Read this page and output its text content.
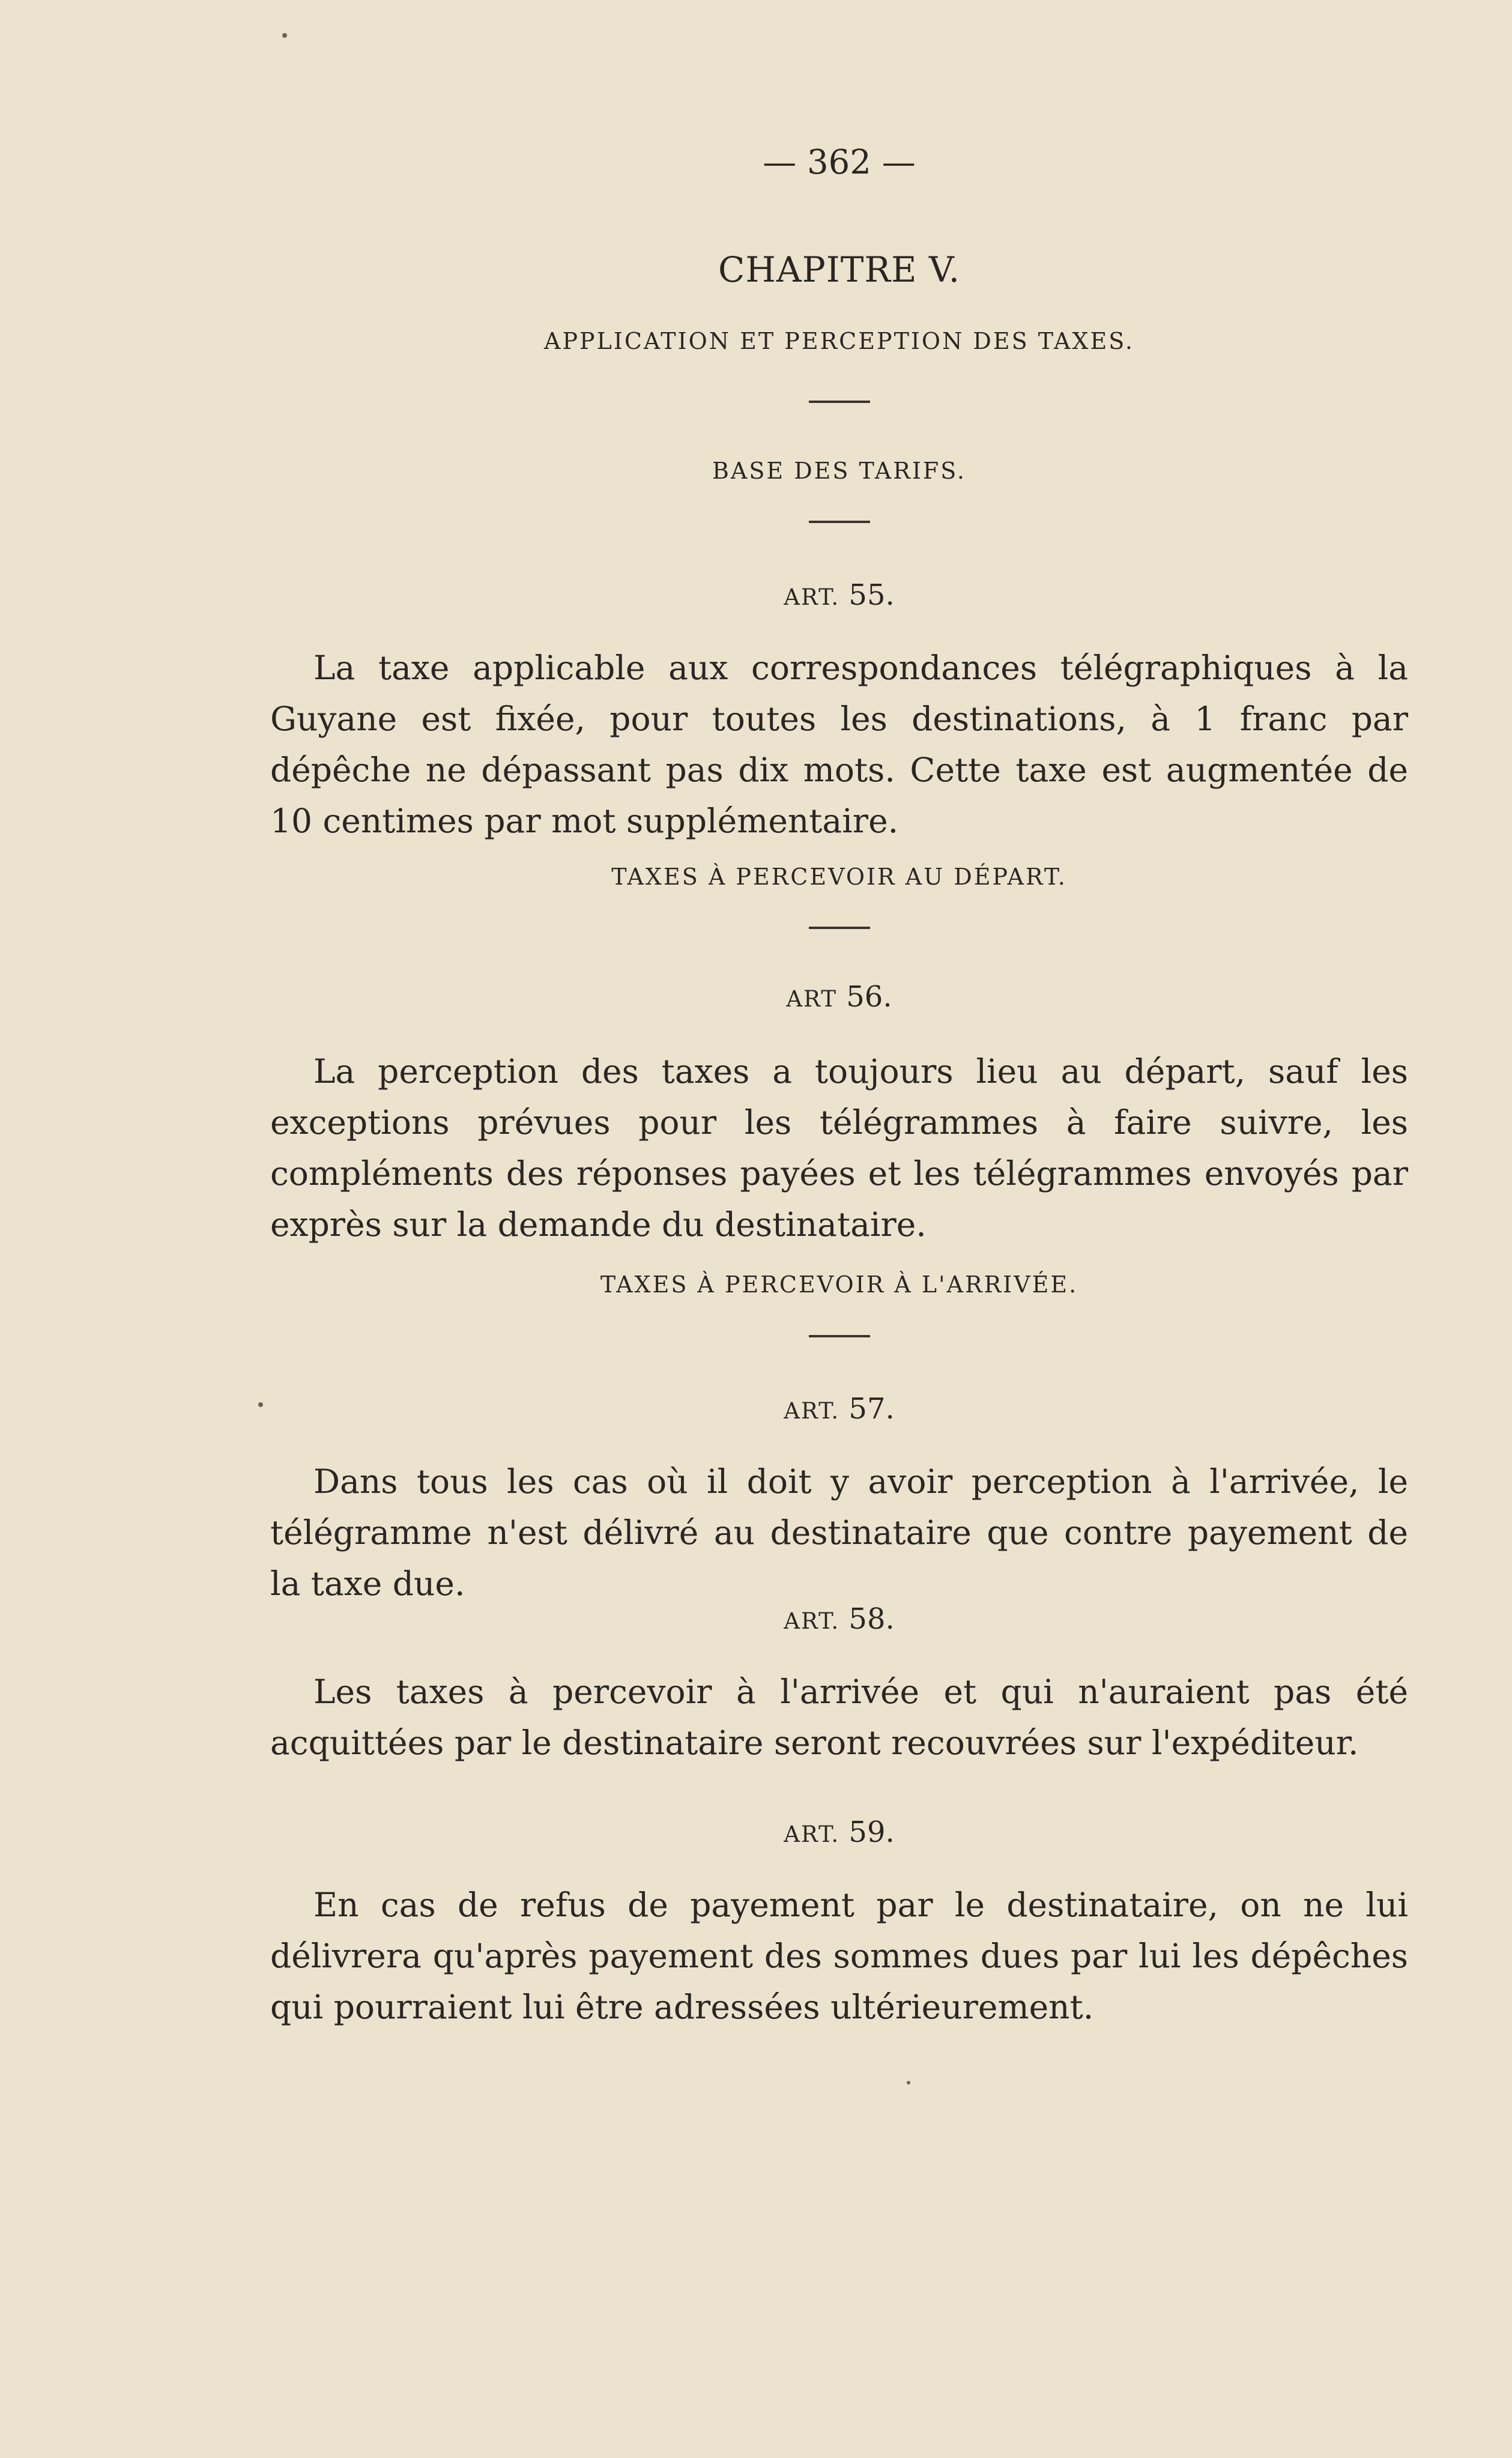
— 362 —
CHAPITRE V.
APPLICATION ET PERCEPTION DES TAXES.
BASE DES TARIFS.
ART. 55.
La taxe applicable aux correspondances télégraphiques à la Guyane est fixée, pour toutes les destinations, à 1 franc par dépêche ne dépassant pas dix mots. Cette taxe est augmentée de 10 centimes par mot supplémentaire.
TAXES À PERCEVOIR AU DÉPART.
ART 56.
La perception des taxes a toujours lieu au départ, sauf les exceptions prévues pour les télégrammes à faire suivre, les compléments des réponses payées et les télégrammes envoyés par exprès sur la demande du destinataire.
TAXES À PERCEVOIR À L'ARRIVÉE.
ART. 57.
Dans tous les cas où il doit y avoir perception à l'arrivée, le télégramme n'est délivré au destinataire que contre payement de la taxe due.
ART. 58.
Les taxes à percevoir à l'arrivée et qui n'auraient pas été acquittées par le destinataire seront recouvrées sur l'expéditeur.
ART. 59.
En cas de refus de payement par le destinataire, on ne lui délivrera qu'après payement des sommes dues par lui les dépêches qui pourraient lui être adressées ultérieurement.
